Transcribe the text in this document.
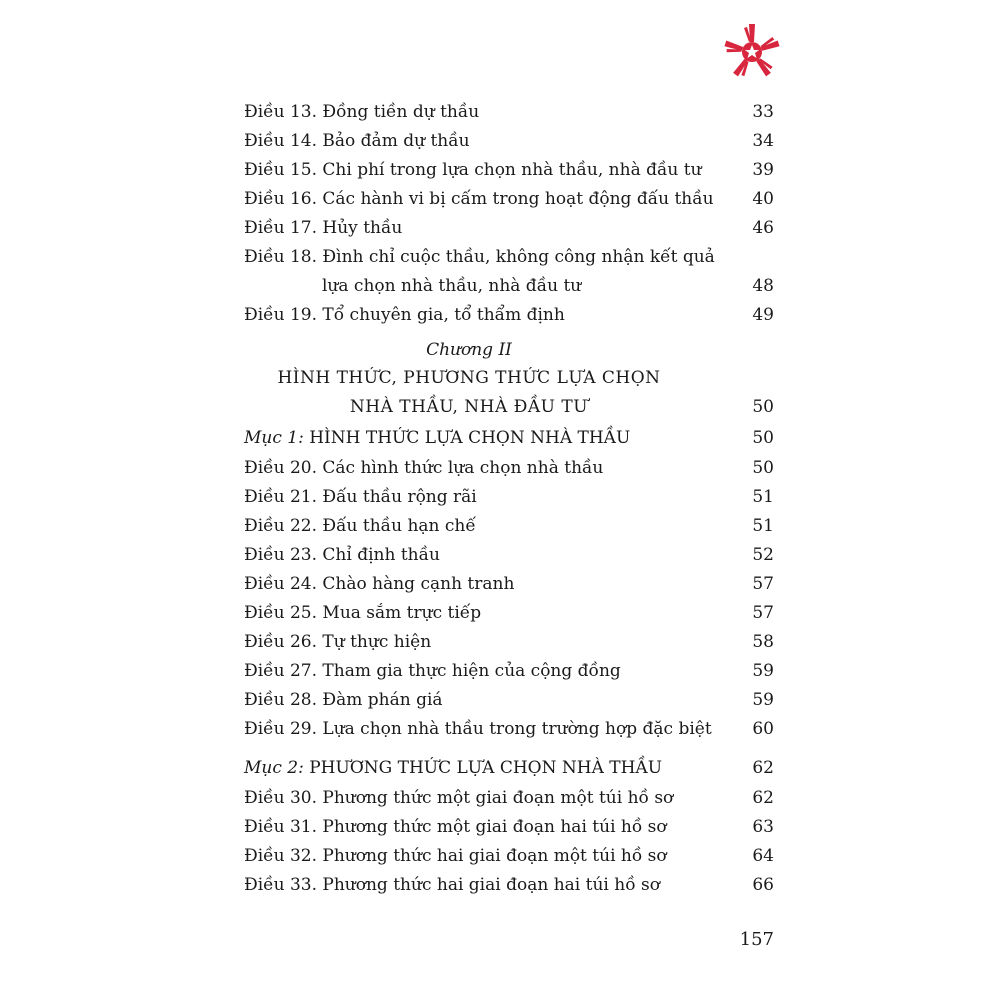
Điều 13. Đồng tiền dự thầu	33
Điều 14. Bảo đảm dự thầu	34
Điều 15. Chi phí trong lựa chọn nhà thầu, nhà đầu tư	39
Điều 16. Các hành vi bị cấm trong hoạt động đấu thầu 40
Điều 17. Hủy thầu	46
Điều 18. Đình chỉ cuộc thầu, không công nhận kết quả
lựa chọn nhà thầu, nhà đầu tư	48
Điều 19. Tổ chuyên gia, tổ thẩm định	49
Chương II
HÌNH THỨC, PHƯƠNG THỨC LỰA CHỌN
NHÀ THẦU, NHÀ ĐẦU TƯ	50
Mục 1: HÌNH THỨC LỰA CHỌN NHÀ THẦU	50
Điều 20. Các hình thức lựa chọn nhà thầu	50
Điều 21. Đấu thầu rộng rãi	51
Điều 22. Đấu thầu hạn chế	51
Điều 23. Chỉ định thầu	52
Điều 24. Chào hàng cạnh tranh	57
Điều 25. Mua sắm trực tiếp	57
Điều 26. Tự thực hiện	58
Điều 27. Tham gia thực hiện của cộng đồng	59
Điều 28. Đàm phán giá	59
Điều 29. Lựa chọn nhà thầu trong trường hợp đặc biệt 60
Mục 2: PHƯƠNG THỨC LỰA CHỌN NHÀ THẦU	62
Điều 30. Phương thức một giai đoạn một túi hồ sơ	62
Điều 31. Phương thức một giai đoạn hai túi hồ sơ	63
Điều 32. Phương thức hai giai đoạn một túi hồ sơ	64
Điều 33. Phương thức hai giai đoạn hai túi hồ sơ	66
157
